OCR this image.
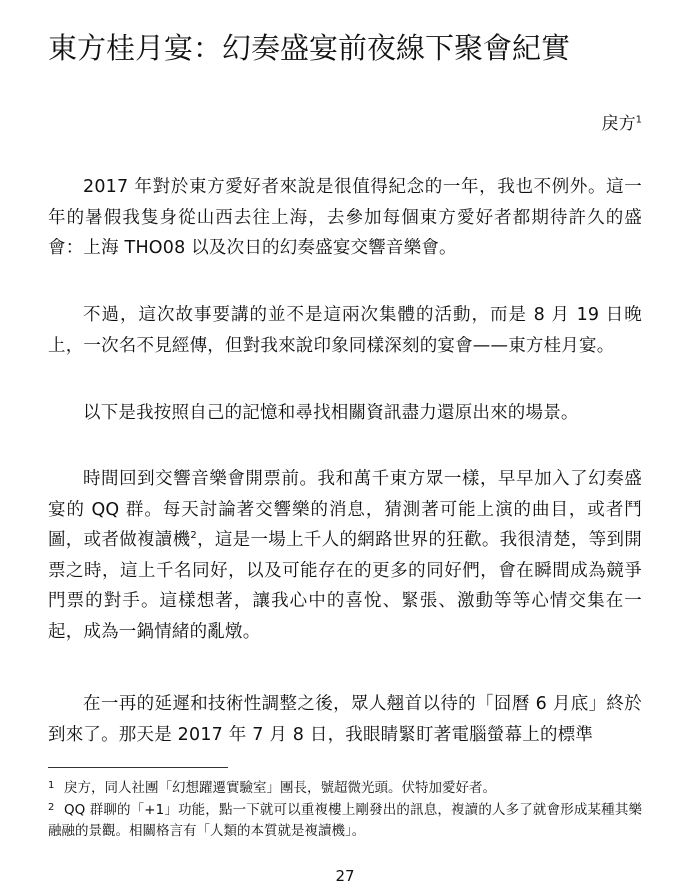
東方桂月宴：幻奏盛宴前夜線下聚會紀實
戾方$^1$

2017 年對於東方愛好者來說是很值得紀念的一年，我也不例外。這一年的暑假我隻身從山西去往上海，去參加每個東方愛好者都期待許久的盛會：上海 THO08 以及次日的幻奏盛宴交響音樂會。

不過，這次故事要講的並不是這兩次集體的活動，而是 8 月 19 日晚上，一次名不見經傳，但對我來說印象同樣深刻的宴會——東方桂月宴。

以下是我按照自己的記憶和尋找相關資訊盡力還原出來的場景。

時間回到交響音樂會開票前。我和萬千東方眾一樣，早早加入了幻奏盛宴的 QQ 群。每天討論著交響樂的消息，猜測著可能上演的曲目，或者鬥圖，或者做複讀機$^2$，這是一場上千人的網路世界的狂歡。我很清楚，等到開票之時，這上千名同好，以及可能存在的更多的同好們，會在瞬間成為競爭門票的對手。這樣想著，讓我心中的喜悅、緊張、激動等等心情交集在一起，成為一鍋情緒的亂燉。

在一再的延遲和技術性調整之後，眾人翹首以待的「囧曆 6 月底」終於到來了。那天是 2017 年 7 月 8 日，我眼睛緊盯著電腦螢幕上的標準

1 戾方，同人社團「幻想躍遷實驗室」團長，號超微光頭。伏特加愛好者。

2 QQ 群聊的「+1」功能，點一下就可以重複樓上剛發出的訊息，複讀的人多了就會形成某種其樂融融的景觀。相關格言有「人類的本質就是複讀機」。

27
